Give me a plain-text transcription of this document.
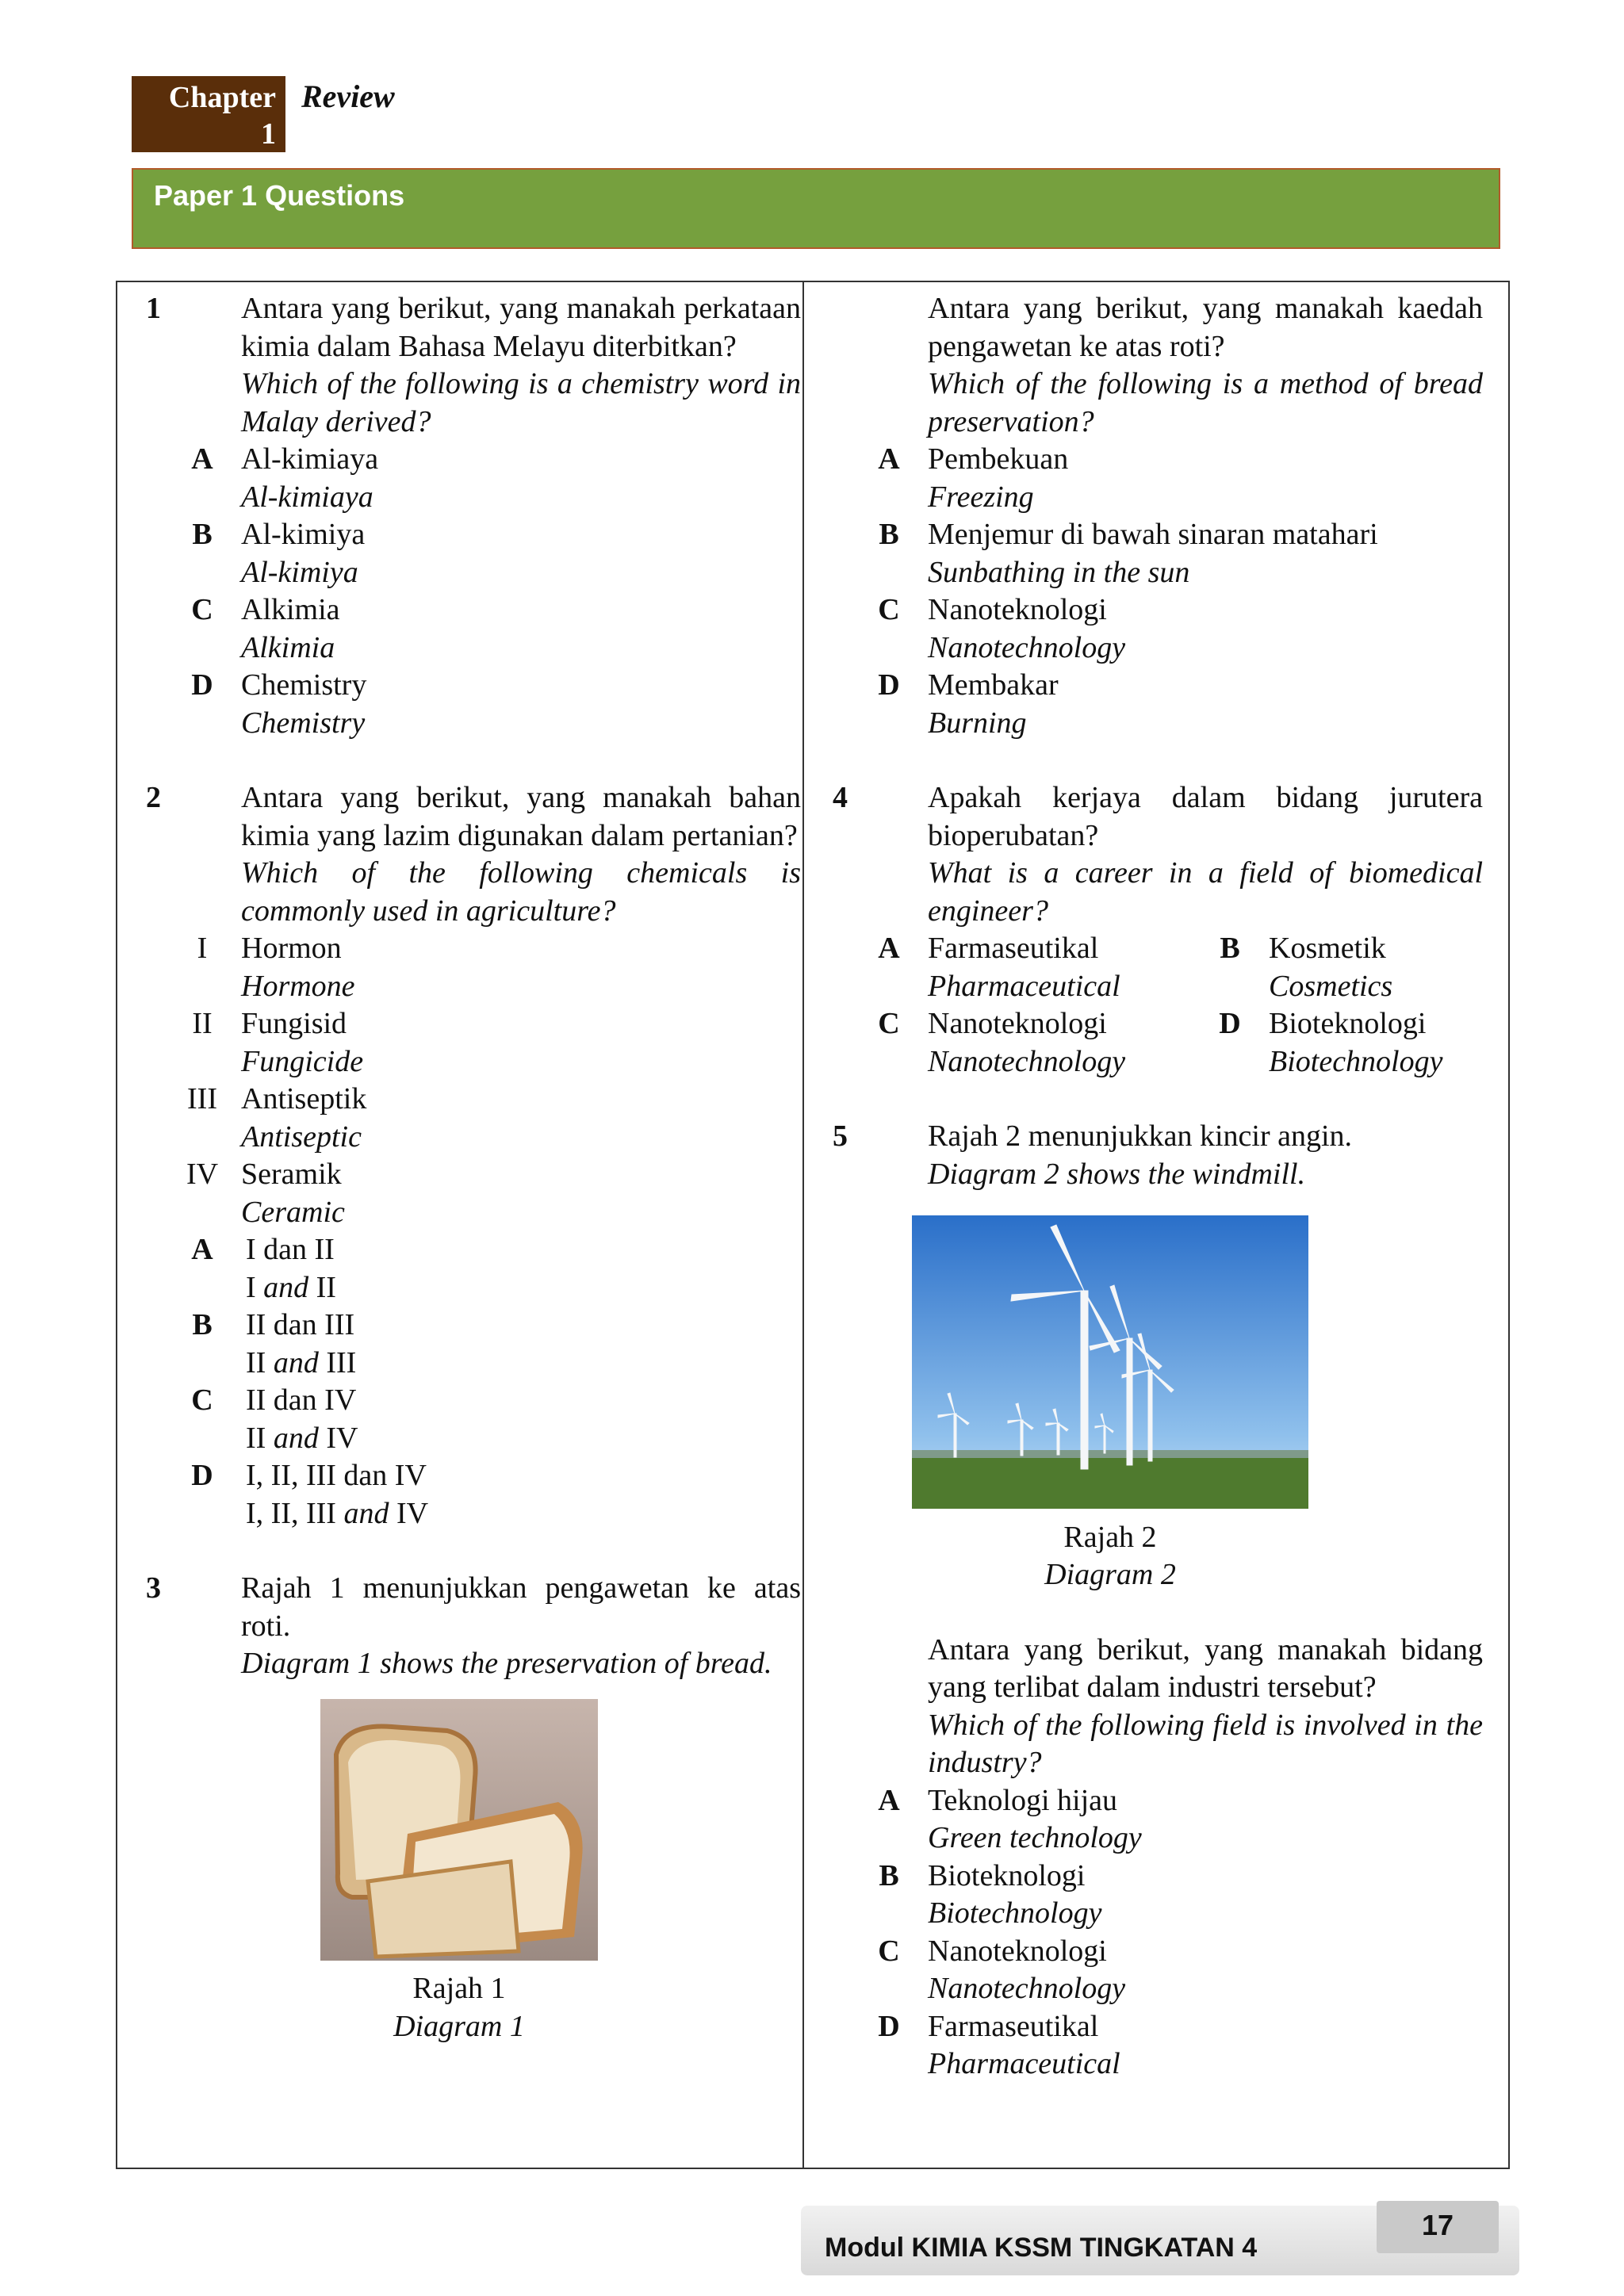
Chapter
1
Review
Paper 1 Questions
1	Antara yang berikut, yang manakah perkataan kimia dalam Bahasa Melayu diterbitkan?
Which of the following is a chemistry word in Malay derived?
A Al-kimiaya
Al-kimiaya
B Al-kimiya
Al-kimiya
C Alkimia
Alkimia
D Chemistry
Chemistry
2	Antara yang berikut, yang manakah bahan kimia yang lazim digunakan dalam pertanian?
Which of the following chemicals is commonly used in agriculture?
I	Hormon
Hormone
II Fungisid
Fungicide
III Antiseptik
Antiseptic
IV Seramik
Ceramic
A	I dan II
I and II
B	II dan III
II and III
C	II dan IV
II and IV
D	I, II, III dan IV
I, II, III and IV
3	Rajah 1 menunjukkan pengawetan ke atas roti.
Diagram 1 shows the preservation of bread.
Rajah 1
Diagram 1
Antara yang berikut, yang manakah kaedah pengawetan ke atas roti?
Which of the following is a method of bread preservation?
A Pembekuan
Freezing
B Menjemur di bawah sinaran matahari
Sunbathing in the sun
C Nanoteknologi
Nanotechnology
D Membakar
Burning
4	Apakah kerjaya dalam bidang jurutera bioperubatan?
What is a career in a field of biomedical engineer?
A Farmaseutikal
Pharmaceutical
B Kosmetik
Cosmetics
C Nanoteknologi
Nanotechnology
D Bioteknologi
Biotechnology
5	Rajah 2 menunjukkan kincir angin.
Diagram 2 shows the windmill.
Rajah 2
Diagram 2
Antara yang berikut, yang manakah bidang yang terlibat dalam industri tersebut?
Which of the following field is involved in the industry?
A Teknologi hijau
Green technology
B Bioteknologi
Biotechnology
C Nanoteknologi
Nanotechnology
D Farmaseutikal
Pharmaceutical
Modul KIMIA KSSM TINGKATAN 4
17
